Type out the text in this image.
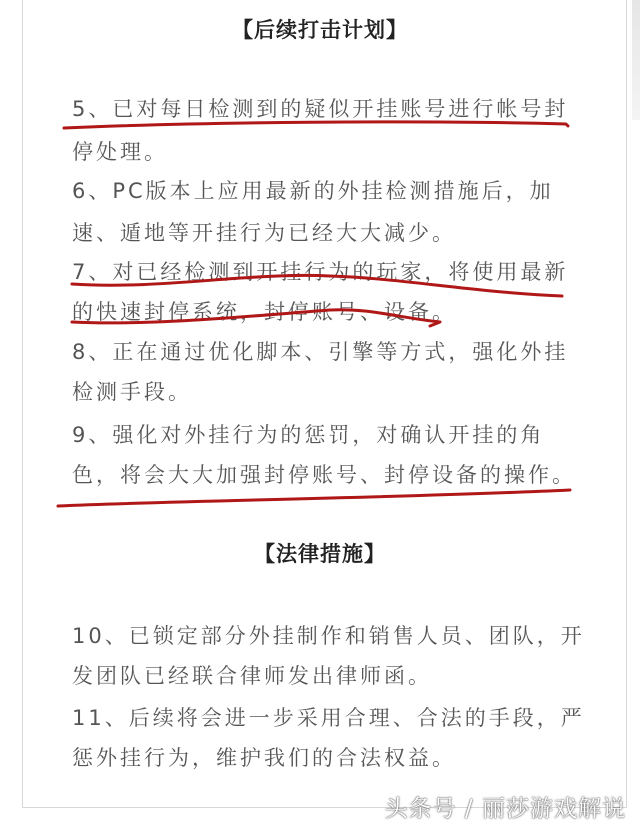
【后续打击计划】
5、已对每日检测到的疑似开挂账号进行帐号封
停处理。
6、PC版本上应用最新的外挂检测措施后，加
速、遁地等开挂行为已经大大减少。
7、对已经检测到开挂行为的玩家，将使用最新
的快速封停系统，封停账号、设备。
8、正在通过优化脚本、引擎等方式，强化外挂
检测手段。
9、强化对外挂行为的惩罚，对确认开挂的角
色，将会大大加强封停账号、封停设备的操作。
【法律措施】
10、已锁定部分外挂制作和销售人员、团队，开
发团队已经联合律师发出律师函。
11、后续将会进一步采用合理、合法的手段，严
惩外挂行为，维护我们的合法权益。
头条号 / 丽莎游戏解说
